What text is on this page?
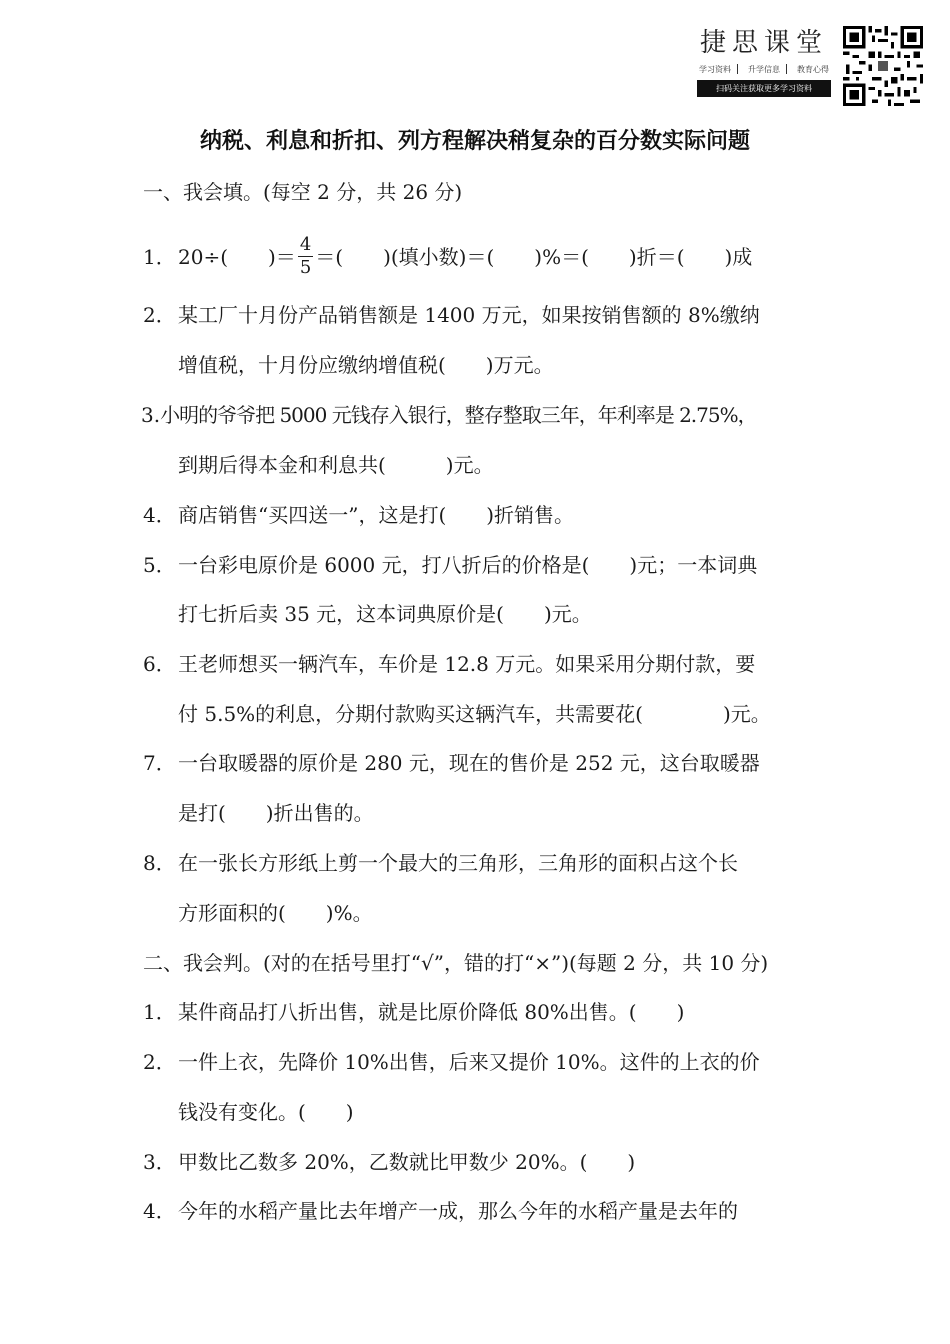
捷思课堂
学习资料 升学信息 教育心得
扫码关注获取更多学习资料
纳税、利息和折扣、列方程解决稍复杂的百分数实际问题
一、我会填。(每空 2 分，共 26 分)
1． 20÷(　　)＝ $\frac{4}{5}$ ＝(　　)(填小数)＝(　　)%＝(　　)折＝(　　)成
2． 某工厂十月份产品销售额是 1400 万元，如果按销售额的 8%缴纳
增值税，十月份应缴纳增值税(　　)万元。
3.小明的爷爷把 5000 元钱存入银行，整存整取三年，年利率是 2.75%，
到期后得本金和利息共(　　　)元。
4． 商店销售“买四送一”，这是打(　　)折销售。
5． 一台彩电原价是 6000 元，打八折后的价格是(　　)元；一本词典
打七折后卖 35 元，这本词典原价是(　　)元。
6． 王老师想买一辆汽车，车价是 12.8 万元。如果采用分期付款，要
付 5.5%的利息，分期付款购买这辆汽车，共需要花(　　　　)元。
7． 一台取暖器的原价是 280 元，现在的售价是 252 元，这台取暖器
是打(　　)折出售的。
8． 在一张长方形纸上剪一个最大的三角形，三角形的面积占这个长
方形面积的(　　)%。
二、我会判。(对的在括号里打“√”，错的打“×”)(每题 2 分，共 10 分)
1． 某件商品打八折出售，就是比原价降低 80%出售。(　　)
2． 一件上衣，先降价 10%出售，后来又提价 10%。这件的上衣的价
钱没有变化。(　　)
3． 甲数比乙数多 20%，乙数就比甲数少 20%。(　　)
4． 今年的水稻产量比去年增产一成，那么今年的水稻产量是去年的
